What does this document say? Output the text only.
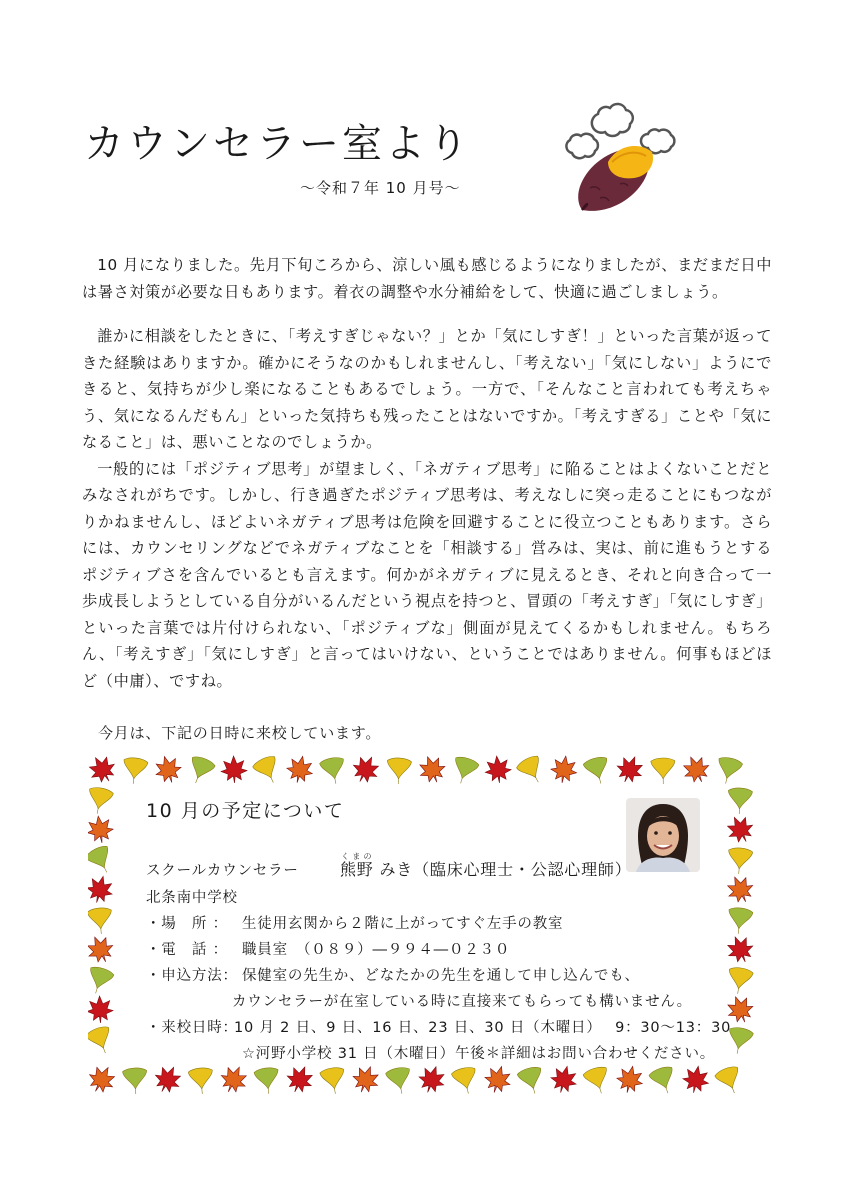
カウンセラー室より
～令和７年 10 月号～

10 月になりました。先月下旬ころから、涼しい風も感じるようになりましたが、まだまだ日中は暑さ対策が必要な日もあります。着衣の調整や水分補給をして、快適に過ごしましょう。

誰かに相談をしたときに、「考えすぎじゃない？」とか「気にしすぎ！」といった言葉が返ってきた経験はありますか。確かにそうなのかもしれませんし、「考えない」「気にしない」ようにできると、気持ちが少し楽になることもあるでしょう。一方で、「そんなこと言われても考えちゃう、気になるんだもん」といった気持ちも残ったことはないですか。「考えすぎる」ことや「気になること」は、悪いことなのでしょうか。

一般的には「ポジティブ思考」が望ましく、「ネガティブ思考」に陥ることはよくないことだとみなされがちです。しかし、行き過ぎたポジティブ思考は、考えなしに突っ走ることにもつながりかねませんし、ほどよいネガティブ思考は危険を回避することに役立つこともあります。さらには、カウンセリングなどでネガティブなことを「相談する」営みは、実は、前に進もうとするポジティブさを含んでいるとも言えます。何かがネガティブに見えるとき、それと向き合って一歩成長しようとしている自分がいるんだという視点を持つと、冒頭の「考えすぎ」「気にしすぎ」といった言葉では片付けられない、「ポジティブな」側面が見えてくるかもしれません。もちろん、「考えすぎ」「気にしすぎ」と言ってはいけない、ということではありません。何事もほどほど（中庸）、ですね。

今月は、下記の日時に来校しています。
10 月の予定について
スクールカウンセラー	熊野くまの みき（臨床心理士・公認心理師）
北条南中学校
・場　所 ： 生徒用玄関から２階に上がってすぐ左手の教室
・電　話 ： 職員室　（０８９）―９９４―０２３０
・申込方法： 保健室の先生か、どなたかの先生を通して申し込んでも、
カウンセラーが在室している時に直接来てもらっても構いません。
・来校日時：10 月 2 日、9 日、16 日、23 日、30 日（木曜日）　 9：30～13：30
☆河野小学校 31 日（木曜日）午後＊詳細はお問い合わせください。
